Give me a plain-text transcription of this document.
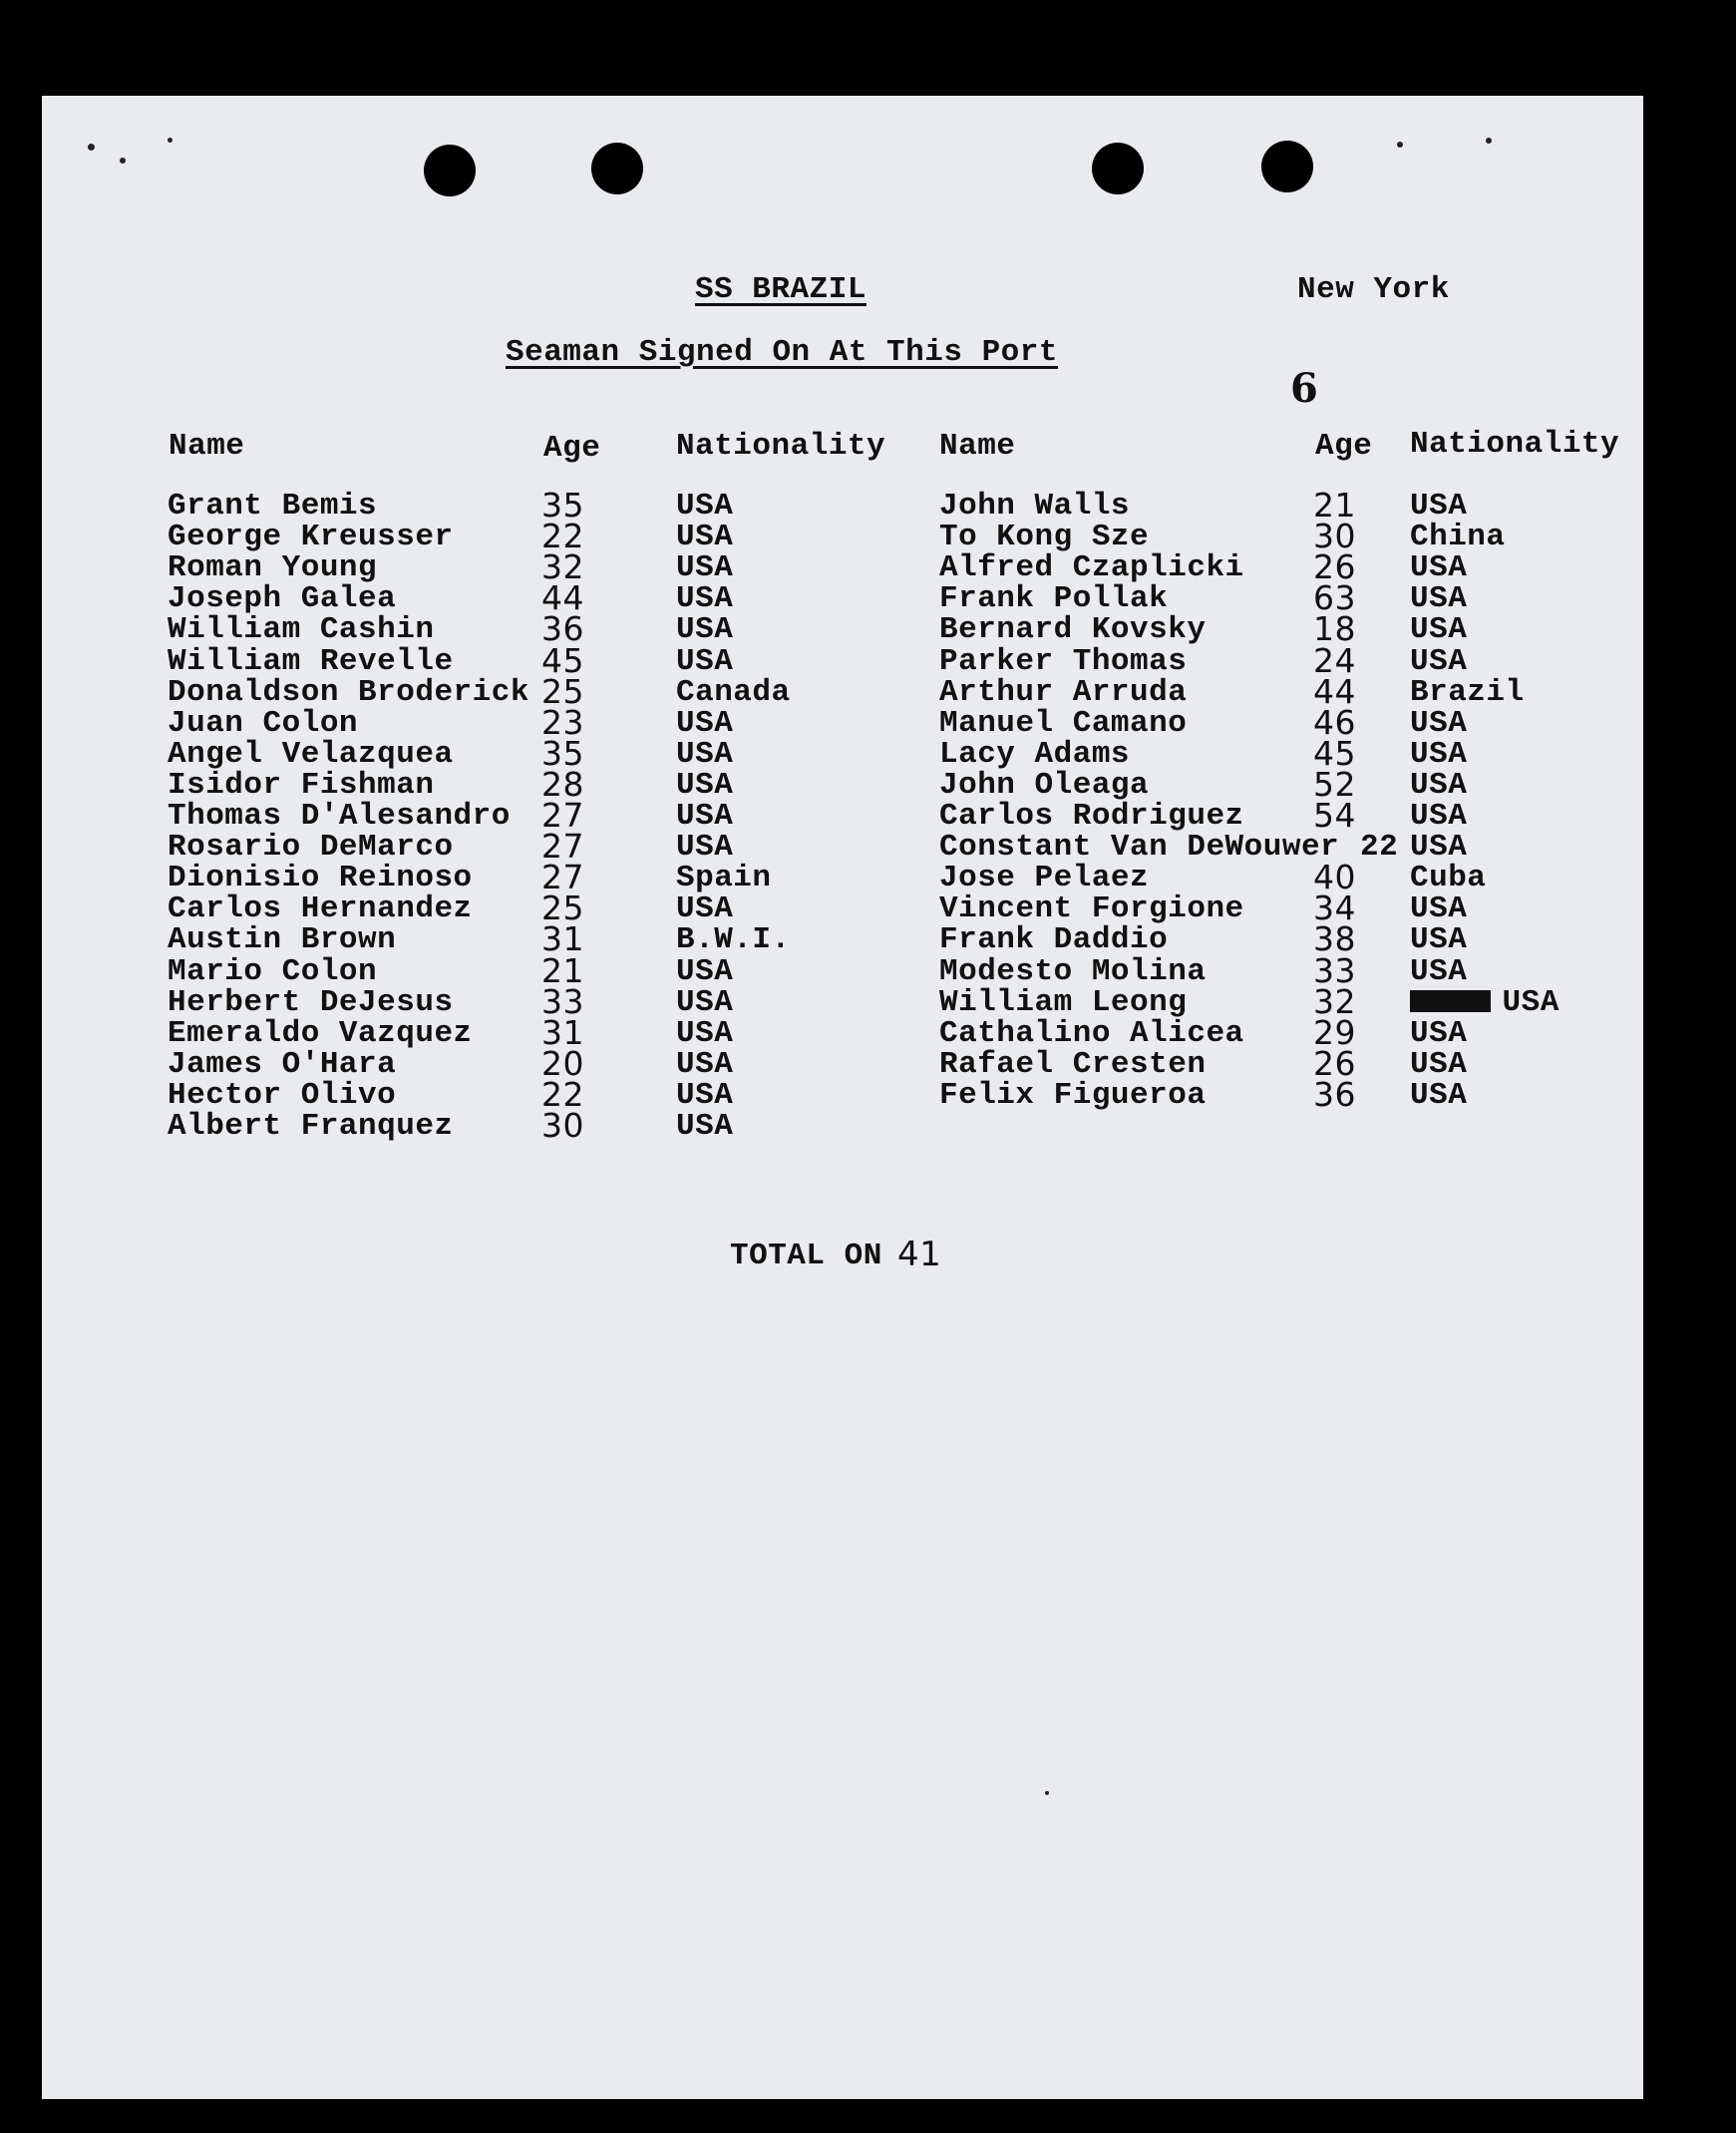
SS BRAZIL	New York
Seaman Signed On At This Port
6
Name	Age Nationality Name	Age Nationality
Grant Bemis	35	USA
George Kreusser	22	USA
Roman Young	32	USA
Joseph Galea	44	USA
William Cashin	36	USA
William Revelle	45	USA
Donaldson Broderick 25	Canada
Juan Colon	23	USA
Angel Velazquea	35	USA
Isidor Fishman	28	USA
Thomas D'Alesandro 27	USA
Rosario DeMarco	27	USA
Dionisio Reinoso 27	Spain
Carlos Hernandez 25	USA
Austin Brown	31	B.W.I.
Mario Colon	21	USA
Herbert DeJesus	33	USA
Emeraldo Vazquez 31	USA
James O'Hara	20	USA
Hector Olivo	22	USA
Albert Franquez	30	USA
John Walls	21 USA
To Kong Sze	30 China
Alfred Czaplicki 26 USA
Frank Pollak	63 USA
Bernard Kovsky	18 USA
Parker Thomas	24 USA
Arthur Arruda	44 Brazil
Manuel Camano	46 USA
Lacy Adams	45 USA
John Oleaga	52 USA
Carlos Rodriguez 54 USA
Constant Van DeWouwer 22 USA
Jose Pelaez	40 Cuba
Vincent Forgione 34 USA
Frank Daddio	38 USA
Modesto Molina	33 USA
William Leong	32 XXXXX USA
Cathalino Alicea 29 USA
Rafael Cresten	26 USA
Felix Figueroa	36 USA
TOTAL ON 41
